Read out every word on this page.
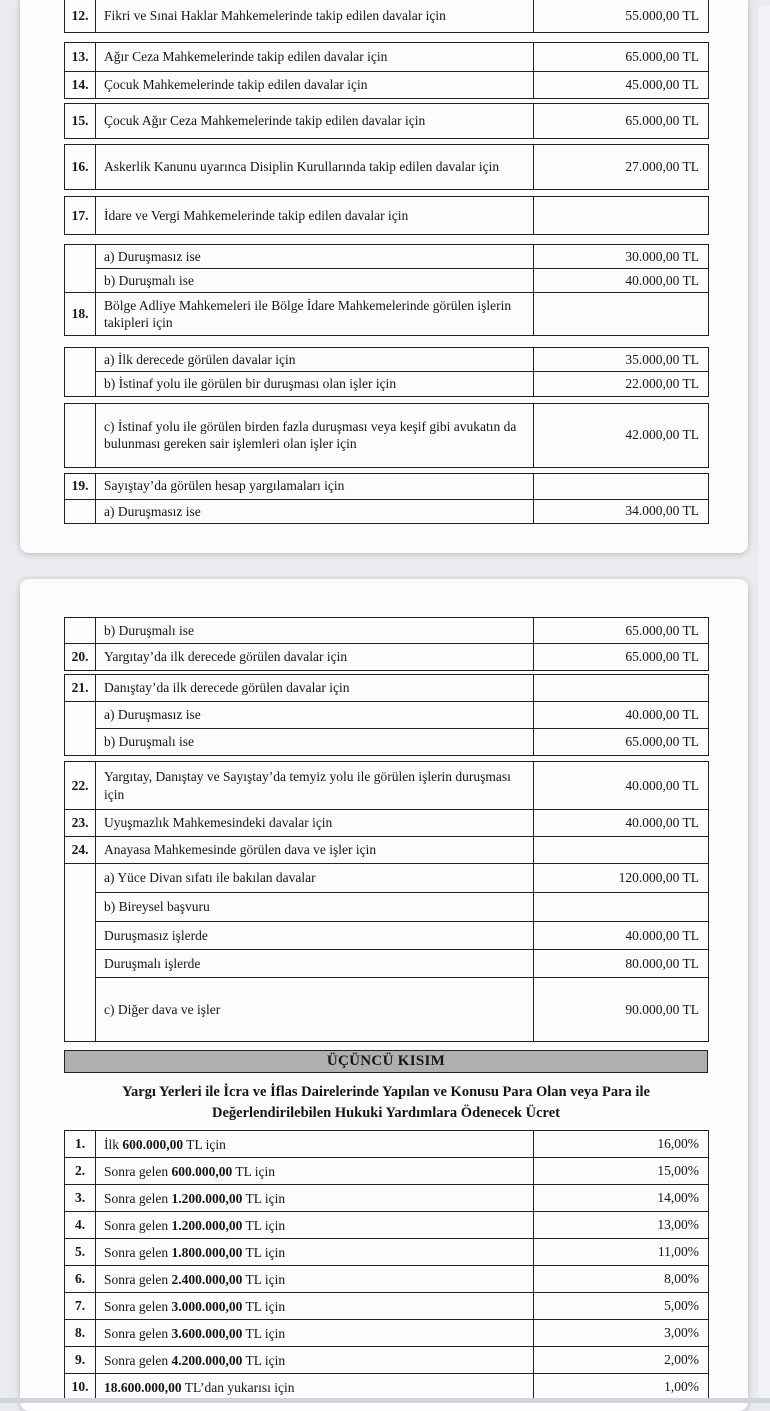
12.	Fikri ve Sınai Haklar Mahkemelerinde takip edilen davalar için	55.000,00 TL
13.	Ağır Ceza Mahkemelerinde takip edilen davalar için	65.000,00 TL
14.	Çocuk Mahkemelerinde takip edilen davalar için	45.000,00 TL
15.	Çocuk Ağır Ceza Mahkemelerinde takip edilen davalar için	65.000,00 TL
16.	Askerlik Kanunu uyarınca Disiplin Kurullarında takip edilen davalar için	27.000,00 TL
17.	İdare ve Vergi Mahkemelerinde takip edilen davalar için	
	a) Duruşmasız ise	30.000,00 TL
	b) Duruşmalı ise	40.000,00 TL
18.	Bölge Adliye Mahkemeleri ile Bölge İdare Mahkemelerinde görülen işlerin takipleri için	
	a) İlk derecede görülen davalar için	35.000,00 TL
	b) İstinaf yolu ile görülen bir duruşması olan işler için	22.000,00 TL
	c) İstinaf yolu ile görülen birden fazla duruşması veya keşif gibi avukatın da bulunması gereken sair işlemleri olan işler için	42.000,00 TL
19.	Sayıştay’da görülen hesap yargılamaları için	
	a) Duruşmasız ise	34.000,00 TL
	b) Duruşmalı ise	65.000,00 TL
20.	Yargıtay’da ilk derecede görülen davalar için	65.000,00 TL
21.	Danıştay’da ilk derecede görülen davalar için	
	a) Duruşmasız ise	40.000,00 TL
	b) Duruşmalı ise	65.000,00 TL
22.	Yargıtay, Danıştay ve Sayıştay’da temyiz yolu ile görülen işlerin duruşması için	40.000,00 TL
23.	Uyuşmazlık Mahkemesindeki davalar için	40.000,00 TL
24.	Anayasa Mahkemesinde görülen dava ve işler için	
	a) Yüce Divan sıfatı ile bakılan davalar	120.000,00 TL
	b) Bireysel başvuru	
	Duruşmasız işlerde	40.000,00 TL
	Duruşmalı işlerde	80.000,00 TL
	c) Diğer dava ve işler	90.000,00 TL
ÜÇÜNCÜ KISIM
Yargı Yerleri ile İcra ve İflas Dairelerinde Yapılan ve Konusu Para Olan veya Para ile
Değerlendirilebilen Hukuki Yardımlara Ödenecek Ücret
1.	İlk 600.000,00 TL için	16,00%
2.	Sonra gelen 600.000,00 TL için	15,00%
3.	Sonra gelen 1.200.000,00 TL için	14,00%
4.	Sonra gelen 1.200.000,00 TL için	13,00%
5.	Sonra gelen 1.800.000,00 TL için	11,00%
6.	Sonra gelen 2.400.000,00 TL için	8,00%
7.	Sonra gelen 3.000.000,00 TL için	5,00%
8.	Sonra gelen 3.600.000,00 TL için	3,00%
9.	Sonra gelen 4.200.000,00 TL için	2,00%
10.	18.600.000,00 TL’dan yukarısı için	1,00%
